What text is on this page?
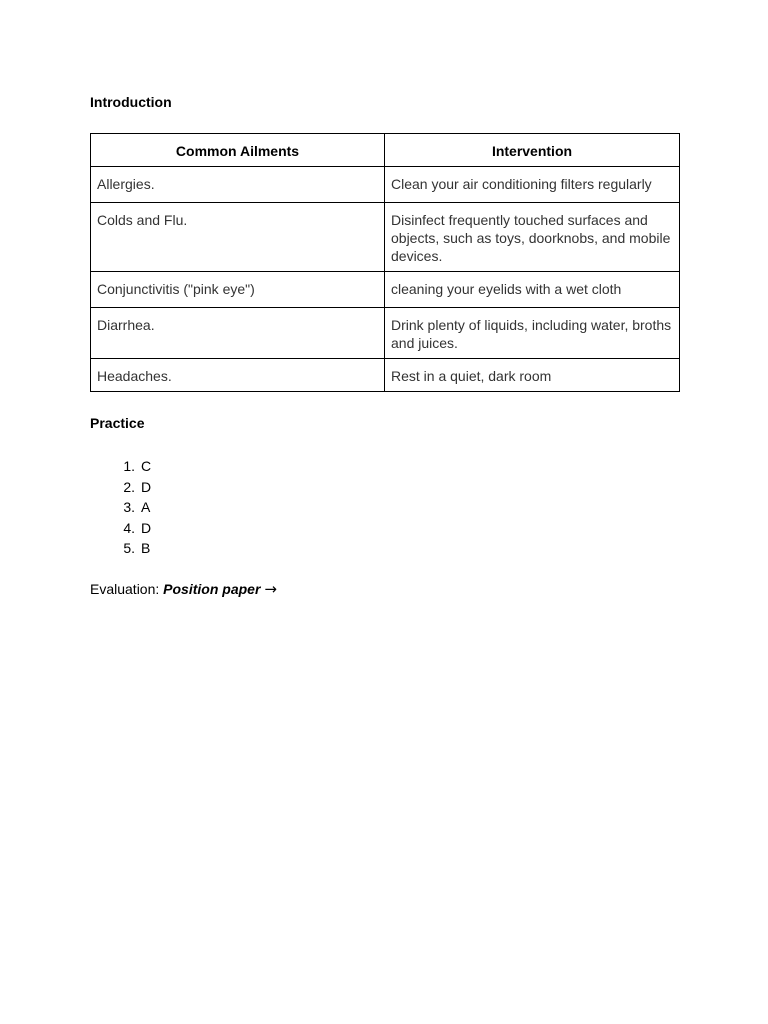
Introduction
Common Ailments	Intervention
Allergies.	Clean your air conditioning filters regularly
Colds and Flu.	Disinfect frequently touched surfaces and objects, such as toys, doorknobs, and mobile devices.
Conjunctivitis ("pink eye")	cleaning your eyelids with a wet cloth
Diarrhea.	Drink plenty of liquids, including water, broths and juices.
Headaches.	Rest in a quiet, dark room
Practice
1. C
2. D
3. A
4. D
5. B
Evaluation: Position paper →
